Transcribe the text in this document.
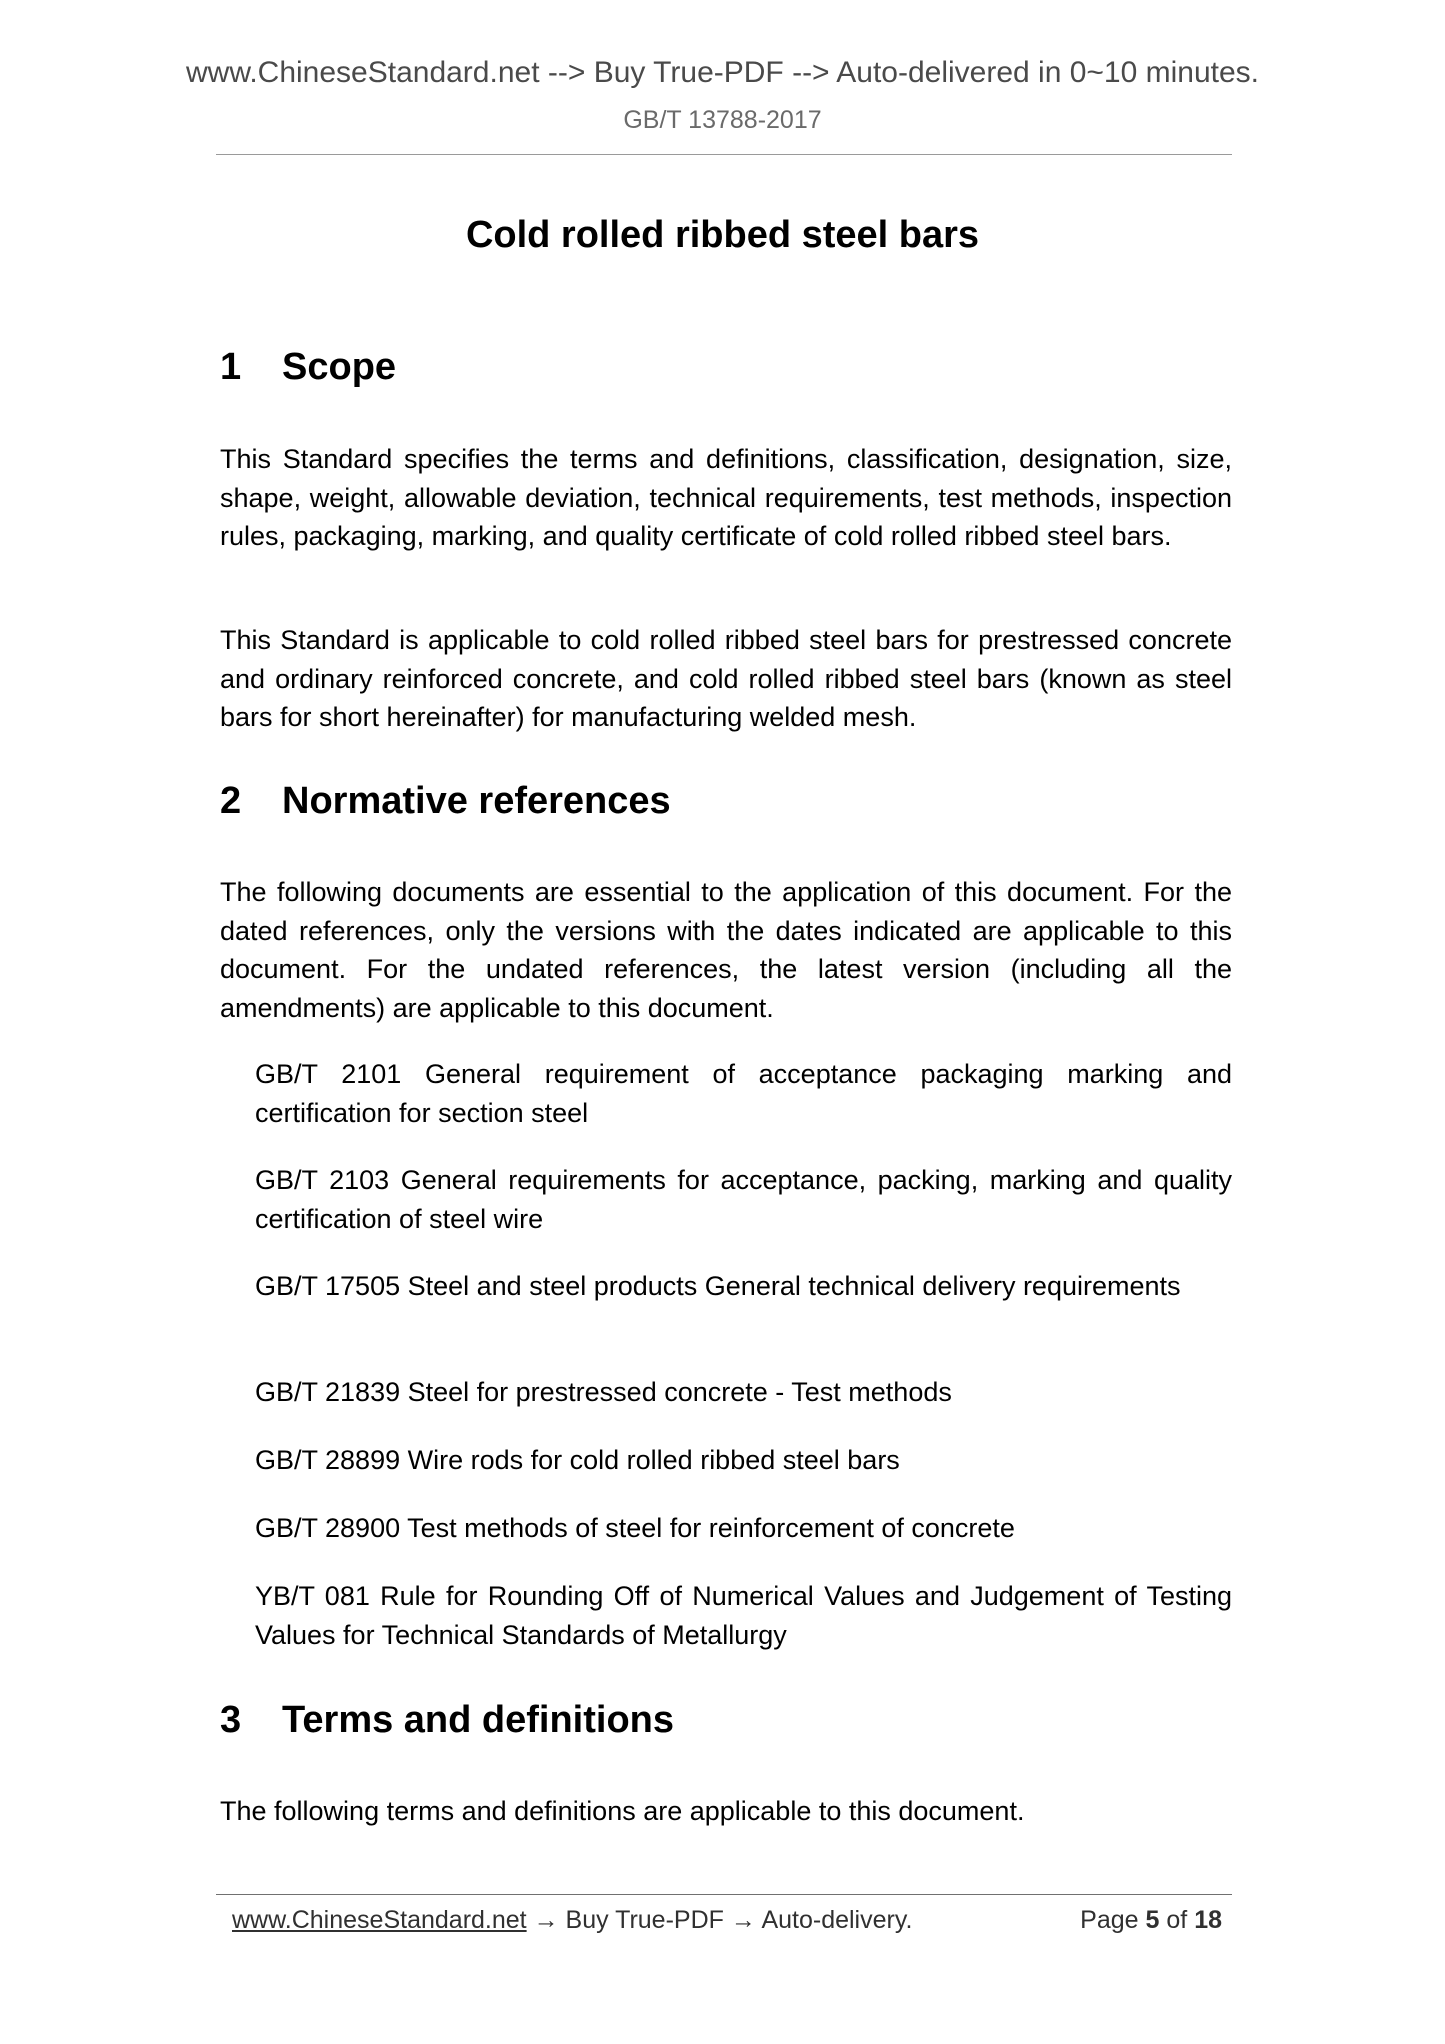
www.ChineseStandard.net --> Buy True-PDF --> Auto-delivered in 0~10 minutes.
GB/T 13788-2017
Cold rolled ribbed steel bars
1 Scope

This Standard specifies the terms and definitions, classification, designation, size, shape, weight, allowable deviation, technical requirements, test methods, inspection rules, packaging, marking, and quality certificate of cold rolled ribbed steel bars.

This Standard is applicable to cold rolled ribbed steel bars for prestressed concrete and ordinary reinforced concrete, and cold rolled ribbed steel bars (known as steel bars for short hereinafter) for manufacturing welded mesh.

2 Normative references

The following documents are essential to the application of this document. For the dated references, only the versions with the dates indicated are applicable to this document. For the undated references, the latest version (including all the amendments) are applicable to this document.

GB/T 2101 General requirement of acceptance packaging marking and certification for section steel

GB/T 2103 General requirements for acceptance, packing, marking and quality certification of steel wire

GB/T 17505 Steel and steel products General technical delivery requirements

GB/T 21839 Steel for prestressed concrete - Test methods

GB/T 28899 Wire rods for cold rolled ribbed steel bars

GB/T 28900 Test methods of steel for reinforcement of concrete

YB/T 081 Rule for Rounding Off of Numerical Values and Judgement of Testing Values for Technical Standards of Metallurgy

3 Terms and definitions

The following terms and definitions are applicable to this document.

www.ChineseStandard.net → Buy True-PDF → Auto-delivery.	Page 5 of 18
